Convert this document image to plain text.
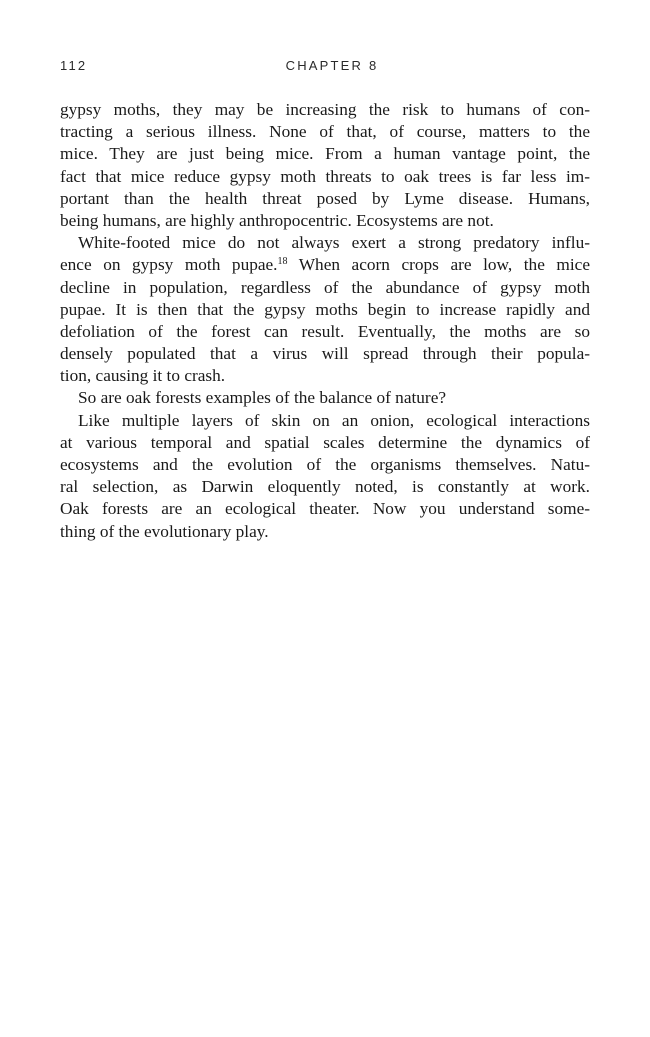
112	CHAPTER 8
gypsy moths, they may be increasing the risk to humans of con-
tracting a serious illness. None of that, of course, matters to the
mice. They are just being mice. From a human vantage point, the
fact that mice reduce gypsy moth threats to oak trees is far less im-
portant than the health threat posed by Lyme disease. Humans,
being humans, are highly anthropocentric. Ecosystems are not.
White-footed mice do not always exert a strong predatory influ-
ence on gypsy moth pupae.$^{18}$ When acorn crops are low, the mice
decline in population, regardless of the abundance of gypsy moth
pupae. It is then that the gypsy moths begin to increase rapidly and
defoliation of the forest can result. Eventually, the moths are so
densely populated that a virus will spread through their popula-
tion, causing it to crash.
So are oak forests examples of the balance of nature?
Like multiple layers of skin on an onion, ecological interactions
at various temporal and spatial scales determine the dynamics of
ecosystems and the evolution of the organisms themselves. Natu-
ral selection, as Darwin eloquently noted, is constantly at work.
Oak forests are an ecological theater. Now you understand some-
thing of the evolutionary play.
